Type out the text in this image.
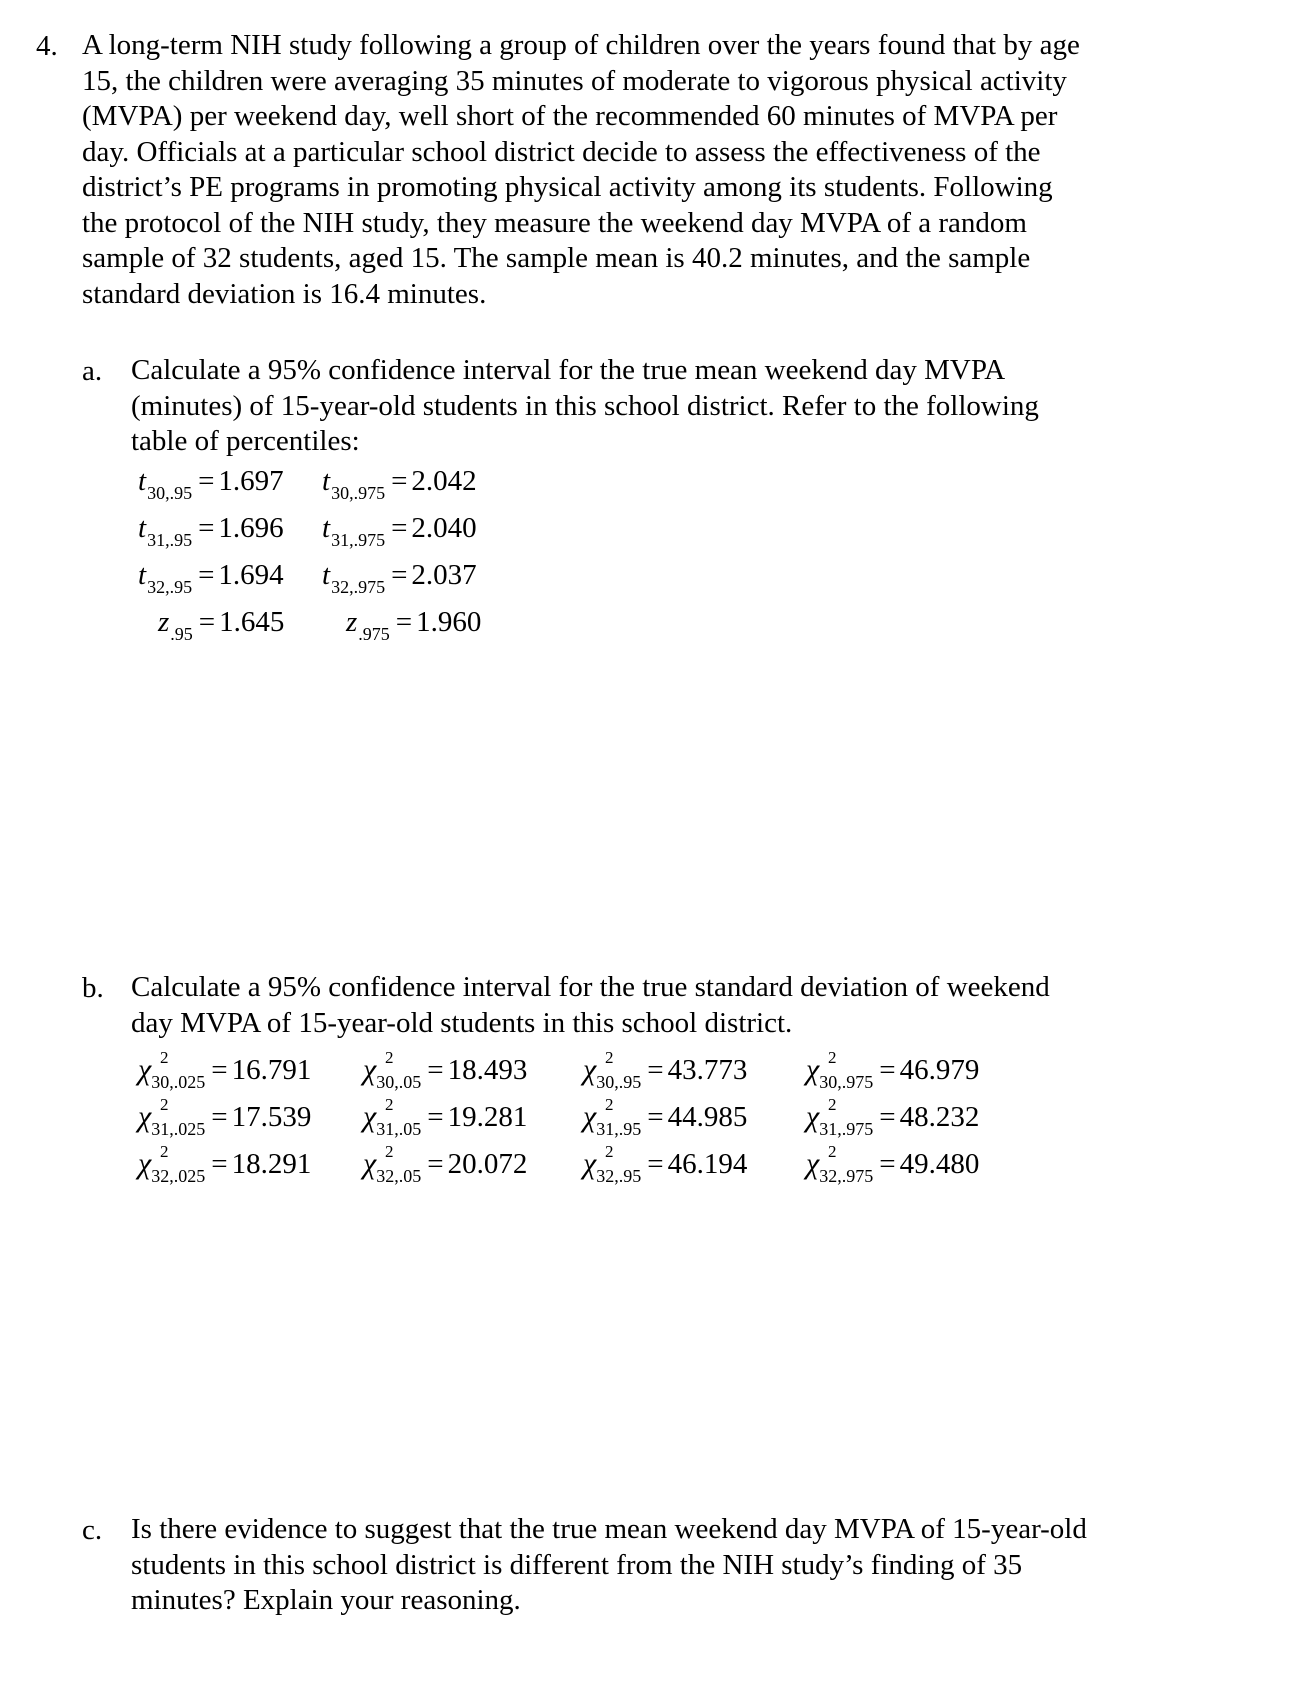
4. A long-term NIH study following a group of children over the years found that by age
15, the children were averaging 35 minutes of moderate to vigorous physical activity
(MVPA) per weekend day, well short of the recommended 60 minutes of MVPA per
day. Officials at a particular school district decide to assess the effectiveness of the
district’s PE programs in promoting physical activity among its students. Following
the protocol of the NIH study, they measure the weekend day MVPA of a random
sample of 32 students, aged 15. The sample mean is 40.2 minutes, and the sample
standard deviation is 16.4 minutes.
a. Calculate a 95% confidence interval for the true mean weekend day MVPA
(minutes) of 15-year-old students in this school district. Refer to the following
table of percentiles:
$t_{30,.95} = 1.697$ $t_{30,.975} = 2.042$
$t_{31,.95} = 1.696$ $t_{31,.975} = 2.040$
$t_{32,.95} = 1.694$ $t_{32,.975} = 2.037$
$z_{.95} = 1.645$ $z_{.975} = 1.960$
b. Calculate a 95% confidence interval for the true standard deviation of weekend
day MVPA of 15-year-old students in this school district.
χ 2
$_{30,.025}$ = 16.791 χ 2
$_{30,.05}$ = 18.493 χ 2
$_{30,.95}$ = 43.773 χ 2
$_{30,.975}$ = 46.979
χ 2
$_{31,.025}$ = 17.539 χ 2
$_{31,.05}$ = 19.281 χ 2
$_{31,.95}$ = 44.985 χ 2
$_{31,.975}$ = 48.232
χ 2
$_{32,.025}$ = 18.291 χ 2
$_{32,.05}$ = 20.072 χ 2
$_{32,.95}$ = 46.194 χ 2
$_{32,.975}$ = 49.480
c. Is there evidence to suggest that the true mean weekend day MVPA of 15-year-old
students in this school district is different from the NIH study’s finding of 35
minutes? Explain your reasoning.
